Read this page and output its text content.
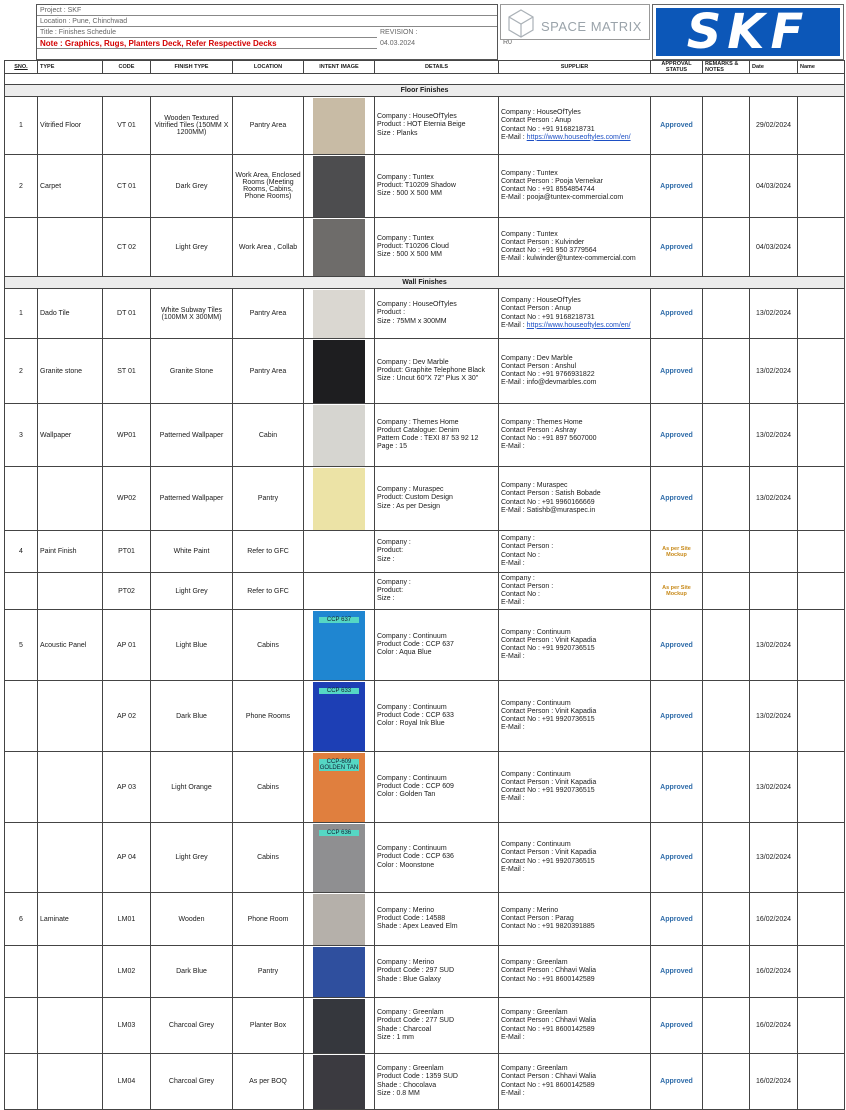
Project : SKF
Location : Pune, Chinchwad
Title : Finishes Schedule	REVISION :
Note : Graphics, Rugs, Planters Deck, Refer Respective Decks	04.03.2024	R0
SPACE MATRIX SKF
SNO.	TYPE	CODE	FINISH TYPE	LOCATION	INTENT IMAGE	DETAILS	SUPPLIER	APPROVAL STATUS	REMARKS & NOTES	Date	Name

Floor Finishes											
1	Vitrified Floor	VT 01	Wooden Textured Vitrified Tiles (150MM X 1200MM)	Pantry Area		Company : HouseOfTyles
Product : HOT Eternia Beige
Size : Planks	Company : HouseOfTyles
Contact Person : Anup
Contact No : +91 9168218731
E-Mail : https://www.houseoftyles.com/en/	Approved		29/02/2024	
2	Carpet	CT 01	Dark Grey	Work Area, Enclosed Rooms (Meeting Rooms, Cabins, Phone Rooms)		Company : Tuntex
Product: T10209 Shadow
Size : 500 X 500 MM	Company : Tuntex
Contact Person : Pooja Vernekar
Contact No : +91 8554854744
E-Mail : pooja@tuntex-commercial.com	Approved		04/03/2024	
		CT 02	Light Grey	Work Area , Collab		Company : Tuntex
Product: T10206 Cloud
Size : 500 X 500 MM	Company : Tuntex
Contact Person : Kulvinder
Contact No : +91 950 3779564
E-Mail : kulwinder@tuntex-commercial.com	Approved		04/03/2024	
Wall Finishes											
1	Dado Tile	DT 01	White Subway Tiles (100MM X 300MM)	Pantry Area		Company : HouseOfTyles
Product :
Size : 75MM x 300MM	Company : HouseOfTyles
Contact Person : Anup
Contact No : +91 9168218731
E-Mail : https://www.houseoftyles.com/en/	Approved		13/02/2024	
2	Granite stone	ST 01	Granite Stone	Pantry Area		Company : Dev Marble
Product: Graphite Telephone Black
Size : Uncut 60"X 72" Plus X 30"	Company : Dev Marble
Contact Person : Anshul
Contact No : +91 9766931822
E-Mail : info@devmarbles.com	Approved		13/02/2024	
3	Wallpaper	WP01	Patterned Wallpaper	Cabin		Company : Themes Home
Product Catalogue: Denim
Pattern Code : TEXI 87 53 92 12
Page : 15	Company : Themes Home
Contact Person : Ashray
Contact No : +91 897 5607000
E-Mail :	Approved		13/02/2024	
		WP02	Patterned Wallpaper	Pantry		Company : Muraspec
Product: Custom Design
Size : As per Design	Company : Muraspec
Contact Person : Satish Bobade
Contact No : +91 9960166669
E-Mail : Satishb@muraspec.in	Approved		13/02/2024	
4	Paint Finish	PT01	White Paint	Refer to GFC		Company :
Product:
Size :	Company :
Contact Person :
Contact No :
E-Mail :	As per Site Mockup			
		PT02	Light Grey	Refer to GFC		Company :
Product:
Size :	Company :
Contact Person :
Contact No :
E-Mail :	As per Site Mockup			
5	Acoustic Panel	AP 01	Light Blue	Cabins	CCP 637	Company : Continuum
Product Code : CCP 637
Color : Aqua Blue	Company : Continuum
Contact Person : Vinit Kapadia
Contact No : +91 9920736515
E-Mail :	Approved		13/02/2024	
		AP 02	Dark Blue	Phone Rooms	CCP 633	Company : Continuum
Product Code : CCP 633
Color : Royal Ink Blue	Company : Continuum
Contact Person : Vinit Kapadia
Contact No : +91 9920736515
E-Mail :	Approved		13/02/2024	
		AP 03	Light Orange	Cabins	CCP-609 GOLDEN TAN	Company : Continuum
Product Code : CCP 609
Color : Golden Tan	Company : Continuum
Contact Person : Vinit Kapadia
Contact No : +91 9920736515
E-Mail :	Approved		13/02/2024	
		AP 04	Light Grey	Cabins	CCP 636	Company : Continuum
Product Code : CCP 636
Color : Moonstone	Company : Continuum
Contact Person : Vinit Kapadia
Contact No : +91 9920736515
E-Mail :	Approved		13/02/2024	
6	Laminate	LM01	Wooden	Phone Room		Company : Merino
Product Code : 14588
Shade : Apex Leaved Elm	Company : Merino
Contact Person : Parag
Contact No : +91 9820391885	Approved		16/02/2024	
		LM02	Dark Blue	Pantry		Company : Merino
Product Code : 297 SUD
Shade : Blue Galaxy	Company : Greenlam
Contact Person : Chhavi Walia
Contact No : +91 8600142589	Approved		16/02/2024	
		LM03	Charcoal Grey	Planter Box		Company : Greenlam
Product Code : 277 SUD
Shade : Charcoal
Size : 1 mm	Company : Greenlam
Contact Person : Chhavi Walia
Contact No : +91 8600142589
E-Mail :	Approved		16/02/2024	
		LM04	Charcoal Grey	As per BOQ		Company : Greenlam
Product Code : 1359 SUD
Shade : Chocolava
Size : 0.8 MM	Company : Greenlam
Contact Person : Chhavi Walia
Contact No : +91 8600142589
E-Mail :	Approved		16/02/2024	
